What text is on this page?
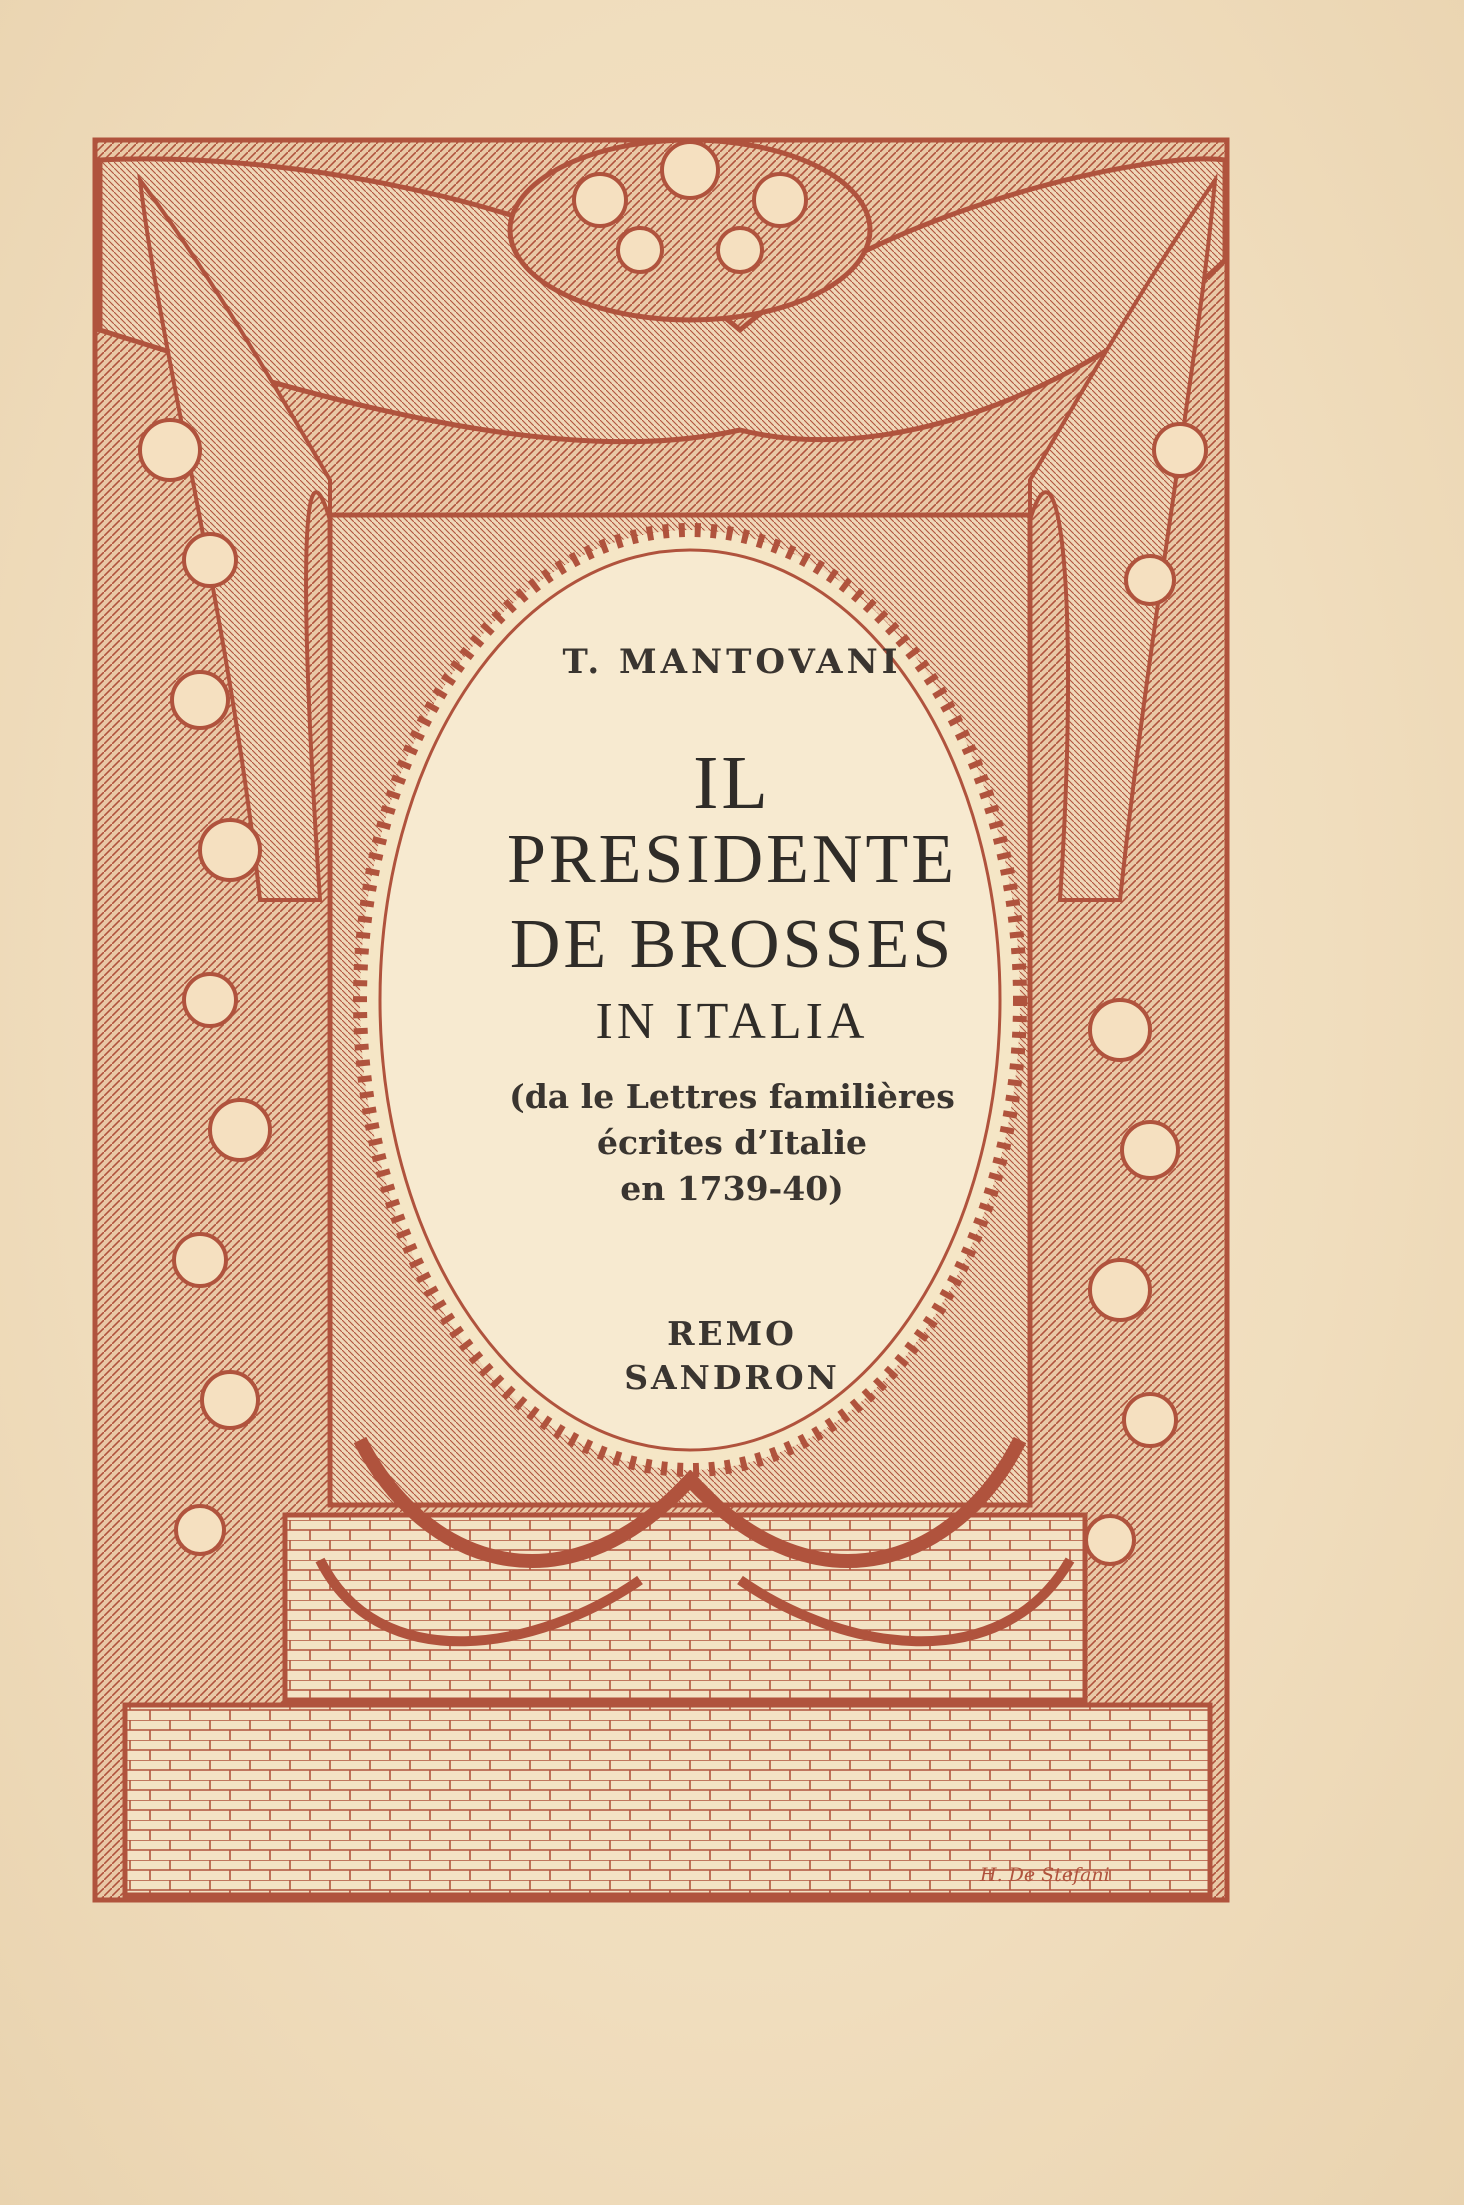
T. MANTOVANI
IL
PRESIDENTE
DE BROSSES
IN ITALIA
(da le Lettres familières
écrites d’Italie
en 1739-40)
REMO
SANDRON
H. De Stefani
